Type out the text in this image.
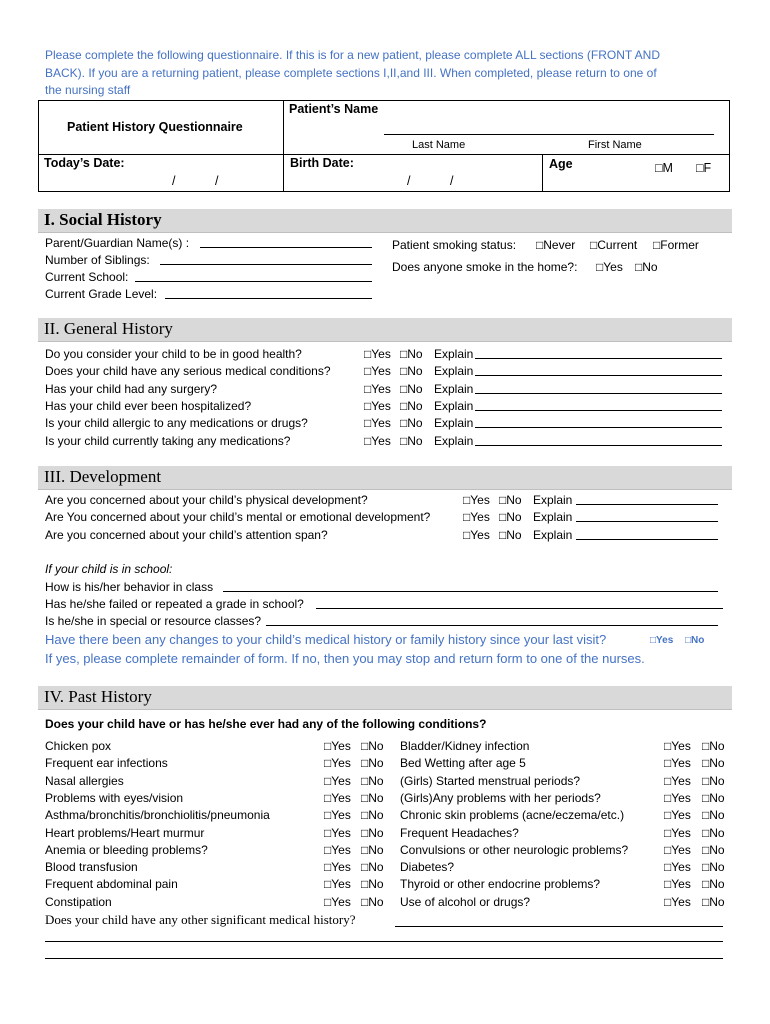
Please complete the following questionnaire. If this is for a new patient, please complete ALL sections (FRONT AND
BACK). If you are a returning patient, please complete sections I,II,and III. When completed, please return to one of
the nursing staff
Patient History Questionnaire
Patient’s Name
Last Name	First Name
Today’s Date:
/	/
Birth Date:
/	/
Age	□M □F
I. Social History
Parent/Guardian Name(s) :
Number of Siblings:
Current School:
Current Grade Level:
Patient smoking status: □Never □Current □Former
Does anyone smoke in the home?: □Yes □No
II. General History
Do you consider your child to be in good health?	□Yes □No Explain
Does your child have any serious medical conditions?	□Yes □No Explain
Has your child had any surgery?	□Yes □No Explain
Has your child ever been hospitalized?	□Yes □No Explain
Is your child allergic to any medications or drugs?	□Yes □No Explain
Is your child currently taking any medications?	□Yes □No Explain
III. Development
Are you concerned about your child’s physical development?	□Yes □No Explain
Are You concerned about your child’s mental or emotional development?	□Yes □No Explain
Are you concerned about your child’s attention span?	□Yes □No Explain
If your child is in school:
How is his/her behavior in class
Has he/she failed or repeated a grade in school?
Is he/she in special or resource classes?
Have there been any changes to your child’s medical history or family history since your last visit?	□Yes □No
If yes, please complete remainder of form. If no, then you may stop and return form to one of the nurses.
IV. Past History
Does your child have or has he/she ever had any of the following conditions?
Chicken pox	□Yes □No Bladder/Kidney infection	□Yes □No
Frequent ear infections	□Yes □No Bed Wetting after age 5	□Yes □No
Nasal allergies	□Yes □No (Girls) Started menstrual periods?	□Yes □No
Problems with eyes/vision	□Yes □No (Girls)Any problems with her periods?	□Yes □No
Asthma/bronchitis/bronchiolitis/pneumonia	□Yes □No Chronic skin problems (acne/eczema/etc.)	□Yes □No
Heart problems/Heart murmur	□Yes □No Frequent Headaches?	□Yes □No
Anemia or bleeding problems?	□Yes □No Convulsions or other neurologic problems?	□Yes □No
Blood transfusion	□Yes □No Diabetes?	□Yes □No
Frequent abdominal pain	□Yes □No Thyroid or other endocrine problems?	□Yes □No
Constipation	□Yes □No Use of alcohol or drugs?	□Yes □No
Does your child have any other significant medical history?
